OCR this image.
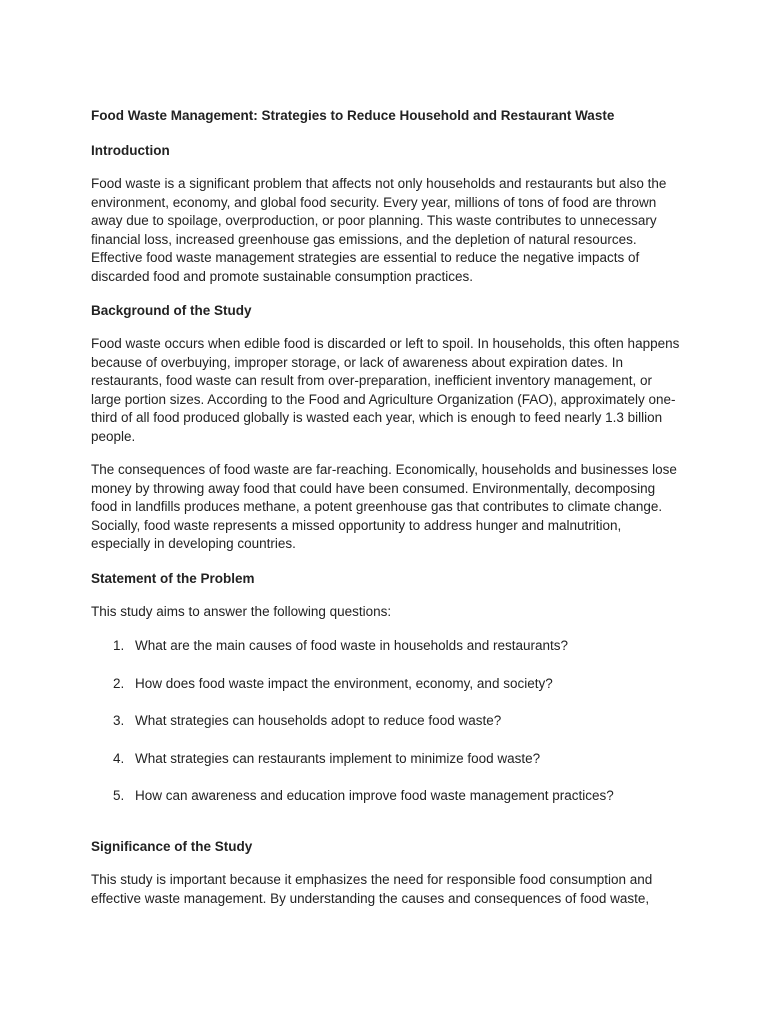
Food Waste Management: Strategies to Reduce Household and Restaurant Waste
Introduction

Food waste is a significant problem that affects not only households and restaurants but also the environment, economy, and global food security. Every year, millions of tons of food are thrown away due to spoilage, overproduction, or poor planning. This waste contributes to unnecessary financial loss, increased greenhouse gas emissions, and the depletion of natural resources. Effective food waste management strategies are essential to reduce the negative impacts of discarded food and promote sustainable consumption practices.

Background of the Study

Food waste occurs when edible food is discarded or left to spoil. In households, this often happens because of overbuying, improper storage, or lack of awareness about expiration dates. In restaurants, food waste can result from over-preparation, inefficient inventory management, or large portion sizes. According to the Food and Agriculture Organization (FAO), approximately one-third of all food produced globally is wasted each year, which is enough to feed nearly 1.3 billion people.

The consequences of food waste are far-reaching. Economically, households and businesses lose money by throwing away food that could have been consumed. Environmentally, decomposing food in landfills produces methane, a potent greenhouse gas that contributes to climate change. Socially, food waste represents a missed opportunity to address hunger and malnutrition, especially in developing countries.

Statement of the Problem

This study aims to answer the following questions:

1. What are the main causes of food waste in households and restaurants?
2. How does food waste impact the environment, economy, and society?
3. What strategies can households adopt to reduce food waste?
4. What strategies can restaurants implement to minimize food waste?
5. How can awareness and education improve food waste management practices?
Significance of the Study

This study is important because it emphasizes the need for responsible food consumption and effective waste management. By understanding the causes and consequences of food waste,
